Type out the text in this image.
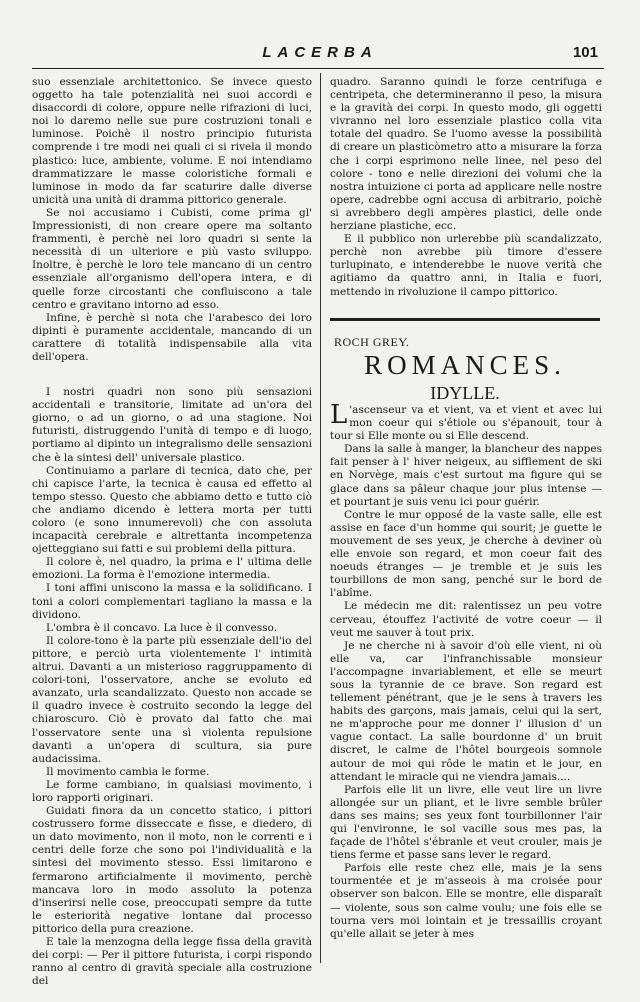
LACERBA	101

suo essenziale architettonico. Se invece questo oggetto ha tale potenzialità nei suoi accordi e disaccordi di colore, oppure nelle rifrazioni di luci, noi lo daremo nelle sue pure costruzioni tonali e luminose. Poichè il nostro principio futurista comprende i tre modi nei quali ci si rivela il mondo plastico: luce, ambiente, volume. E noi intendiamo drammatizzare le masse coloristiche formali e luminose in modo da far scaturire dalle diverse unicità una unità di dramma pittorico generale.

Se noi accusiamo i Cubisti, come prima gl' Impressionisti, di non creare opere ma soltanto frammenti, è perchè nei loro quadri si sente la necessità di un ulteriore e più vasto sviluppo. Inoltre, è perchè le loro tele mancano di un centro essenziale all'organismo dell'opera intera, e di quelle forze circostanti che confluiscono a tale centro e gravitano intorno ad esso.

Infine, è perchè si nota che l'arabesco dei loro dipinti è puramente accidentale, mancando di un carattere di totalità indispensabile alla vita dell'opera.

I nostri quadri non sono più sensazioni accidentali e transitorie, limitate ad un'ora del giorno, o ad un giorno, o ad una stagione. Noi futuristi, distruggendo l'unità di tempo e di luogo, portiamo al dipinto un integralismo delle sensazioni che è la sintesi dell' universale plastico.

Continuiamo a parlare di tecnica, dato che, per chi capisce l'arte, la tecnica è causa ed effetto al tempo stesso. Questo che abbiamo detto e tutto ciò che andiamo dicendo è lettera morta per tutti coloro (e sono innumerevoli) che con assoluta incapacità cerebrale e altrettanta incompetenza ojetteggiano sui fatti e sui problemi della pittura.

Il colore è, nel quadro, la prima e l' ultima delle emozioni. La forma è l'emozione intermedia.

I toni affini uniscono la massa e la solidificano. I toni a colori complementari tagliano la massa e la dividono.

L'ombra è il concavo. La luce è il convesso.

Il colore-tono è la parte più essenziale dell'io del pittore, e perciò urta violentemente l' intimità altrui. Davanti a un misterioso raggruppamento di colori-toni, l'osservatore, anche se evoluto ed avanzato, urla scandalizzato. Questo non accade se il quadro invece è costruito secondo la legge del chiaroscuro. Ciò è provato dal fatto che mai l'osservatore sente una sì violenta repulsione davanti a un'opera di scultura, sia pure audacissima.

Il movimento cambia le forme.

Le forme cambiano, in qualsiasi movimento, i loro rapporti originari.

Guidati finora da un concetto statico, i pittori costrussero forme disseccate e fisse, e diedero, di un dato movimento, non il moto, non le correnti e i centri delle forze che sono poi l'individualità e la sintesi del movimento stesso. Essi limitarono e fermarono artificialmente il movimento, perchè mancava loro in modo assoluto la potenza d'inserirsi nelle cose, preoccupati sempre da tutte le esteriorità negative lontane dal processo pittorico della pura creazione.

E tale la menzogna della legge fissa della gravità dei corpi: — Per il pittore futurista, i corpi rispondo rannо al centro di gravità speciale alla costruzione del

quadro. Saranno quindi le forze centrifuga e centripeta, che determineranno il peso, la misura e la gravità dei corpi. In questo modo, gli oggetti vivranno nel loro essenziale plastico colla vita totale del quadro. Se l'uomo avesse la possibilità di creare un plasticòmetro atto a misurare la forza che i corpi esprimono nelle linee, nel peso del colore - tono e nelle direzioni dei volumi che la nostra intuizione ci porta ad applicare nelle nostre opere, cadrebbe ogni accusa di arbitrario, poichè si avrebbero degli ampères plastici, delle onde herziane plastiche, ecc.

E il pubblico non urlerebbe più scandalizzato, perchè non avrebbe più timore d'essere turlupinato, e intenderebbe le nuove verità che agitiamo da quattro anni, in Italia e fuori, mettendo in rivoluzione il campo pittorico.

ROCH GREY.
ROMANCES.
IDYLLE.

L 'ascenseur va et vient, va et vient et avec lui mon coeur qui s'étiole ou s'épanouit, tour à tour si Elle monte ou si Elle descend.

Dans la salle à manger, la blancheur des nappes fait penser à l' hiver neigeux, au sifflement de ski en Norvège, mais c'est surtout ma figure qui se glace dans sa pâleur chaque jour plus intense — et pourtant je suis venu ici pour guérir.

Contre le mur opposé de la vaste salle, elle est assise en face d'un homme qui sourit; je guette le mouvement de ses yeux, je cherche à deviner où elle envoie son regard, et mon coeur fait des noeuds étranges — je tremble et je suis les tourbillons de mon sang, penché sur le bord de l'abîme.

Le médecin me dit: ralentissez un peu votre cerveau, étouffez l'activité de votre coeur — il veut me sauver à tout prix.

Je ne cherche ni à savoir d'où elle vient, ni où elle va, car l'infranchissable monsieur l'accompagne invariablement, et elle se meurt sous la tyrannie de ce brave. Son regard est tellement pénétrant, que je le sens à travers les habits des garçons, mais jamais, celui qui la sert, ne m'approche pour me donner l' illusion d' un vague contact. La salle bourdonne d' un bruit discret, le calme de l'hôtel bourgeois somnole autour de moi qui rôde le matin et le jour, en attendant le miracle qui ne viendra jamais....

Parfois elle lit un livre, elle veut lire un livre allongée sur un pliant, et le livre semble brûler dans ses mains; ses yeux font tourbillonner l'air qui l'environne, le sol vacille sous mes pas, la façade de l'hôtel s'ébranle et veut crouler, mais je tiens ferme et passe sans lever le regard.

Parfois elle reste chez elle, mais je la sens tourmentée et je m'asseois à ma croisée pour observer son balcon. Elle se montre, elle disparaît — violente, sous son calme voulu; une fois elle se tourna vers moi lointain et je tressaillis croyant qu'elle allait se jeter à mes
